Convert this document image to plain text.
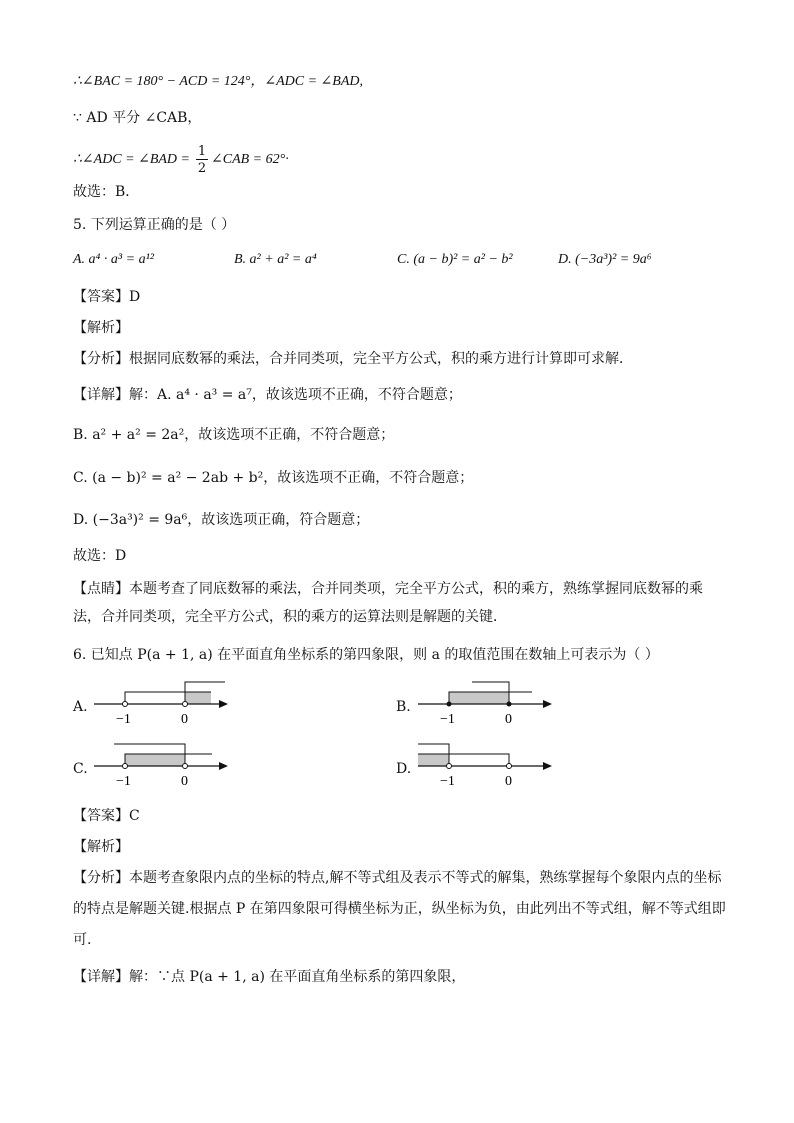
∴∠BAC = 180° − ACD = 124°，∠ADC = ∠BAD,
∵ AD 平分 ∠CAB，
∴∠ADC = ∠BAD =
1
2
∠CAB = 62°·
故选：B．
5. 下列运算正确的是（ ）
A. a⁴ · a³ = a¹²	B. a² + a² = a⁴	C. (a − b)² = a² − b²	D. (−3a³)² = 9a⁶
【答案】D
【解析】
【分析】根据同底数幂的乘法，合并同类项，完全平方公式，积的乘方进行计算即可求解．
【详解】解：A. a⁴ · a³ = a⁷，故该选项不正确，不符合题意；
B. a² + a² = 2a²，故该选项不正确，不符合题意；
C. (a − b)² = a² − 2ab + b²，故该选项不正确，不符合题意；
D. (−3a³)² = 9a⁶，故该选项正确，符合题意；
故选：D
【点睛】本题考查了同底数幂的乘法，合并同类项，完全平方公式，积的乘方，熟练掌握同底数幂的乘法，合并同类项，完全平方公式，积的乘方的运算法则是解题的关键．
6. 已知点 P(a + 1, a) 在平面直角坐标系的第四象限，则 a 的取值范围在数轴上可表示为（ ）
A.
−1	0
B.
−1	0
C.
−1	0
D.
−1	0
【答案】C
【解析】
【分析】本题考查象限内点的坐标的特点,解不等式组及表示不等式的解集，熟练掌握每个象限内点的坐标的特点是解题关键.根据点 P 在第四象限可得横坐标为正，纵坐标为负，由此列出不等式组，解不等式组即可.
【详解】解：∵点 P(a + 1, a) 在平面直角坐标系的第四象限，
